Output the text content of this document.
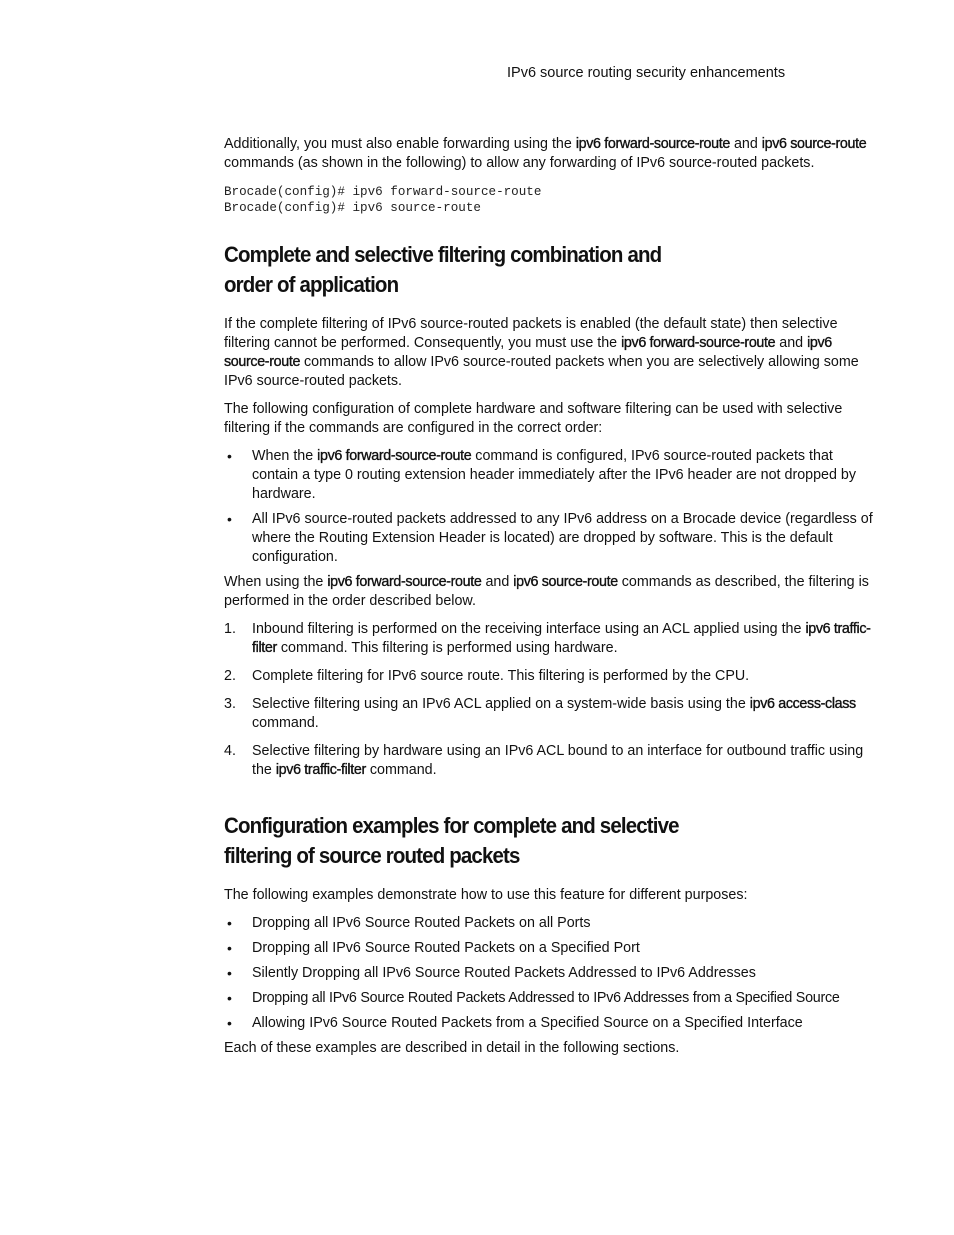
IPv6 source routing security enhancements

Additionally, you must also enable forwarding using the ipv6 forward-source-route and ipv6 source-route commands (as shown in the following) to allow any forwarding of IPv6 source-routed packets.

Brocade(config)# ipv6 forward-source-route
Brocade(config)# ipv6 source-route
Complete and selective filtering combination and
order of application

If the complete filtering of IPv6 source-routed packets is enabled (the default state) then selective filtering cannot be performed. Consequently, you must use the ipv6 forward-source-route and ipv6 source-route commands to allow IPv6 source-routed packets when you are selectively allowing some IPv6 source-routed packets.

The following configuration of complete hardware and software filtering can be used with selective filtering if the commands are configured in the correct order:

• When the ipv6 forward-source-route command is configured, IPv6 source-routed packets that contain a type 0 routing extension header immediately after the IPv6 header are not dropped by hardware.
• All IPv6 source-routed packets addressed to any IPv6 address on a Brocade device (regardless of where the Routing Extension Header is located) are dropped by software. This is the default configuration.

When using the ipv6 forward-source-route and ipv6 source-route commands as described, the filtering is performed in the order described below.

1. Inbound filtering is performed on the receiving interface using an ACL applied using the ipv6 traffic-filter command. This filtering is performed using hardware.
2. Complete filtering for IPv6 source route. This filtering is performed by the CPU.
3. Selective filtering using an IPv6 ACL applied on a system-wide basis using the ipv6 access-class command.
4. Selective filtering by hardware using an IPv6 ACL bound to an interface for outbound traffic using the ipv6 traffic-filter command.
Configuration examples for complete and selective
filtering of source routed packets

The following examples demonstrate how to use this feature for different purposes:

• Dropping all IPv6 Source Routed Packets on all Ports
• Dropping all IPv6 Source Routed Packets on a Specified Port
• Silently Dropping all IPv6 Source Routed Packets Addressed to IPv6 Addresses
• Dropping all IPv6 Source Routed Packets Addressed to IPv6 Addresses from a Specified Source
• Allowing IPv6 Source Routed Packets from a Specified Source on a Specified Interface

Each of these examples are described in detail in the following sections.
